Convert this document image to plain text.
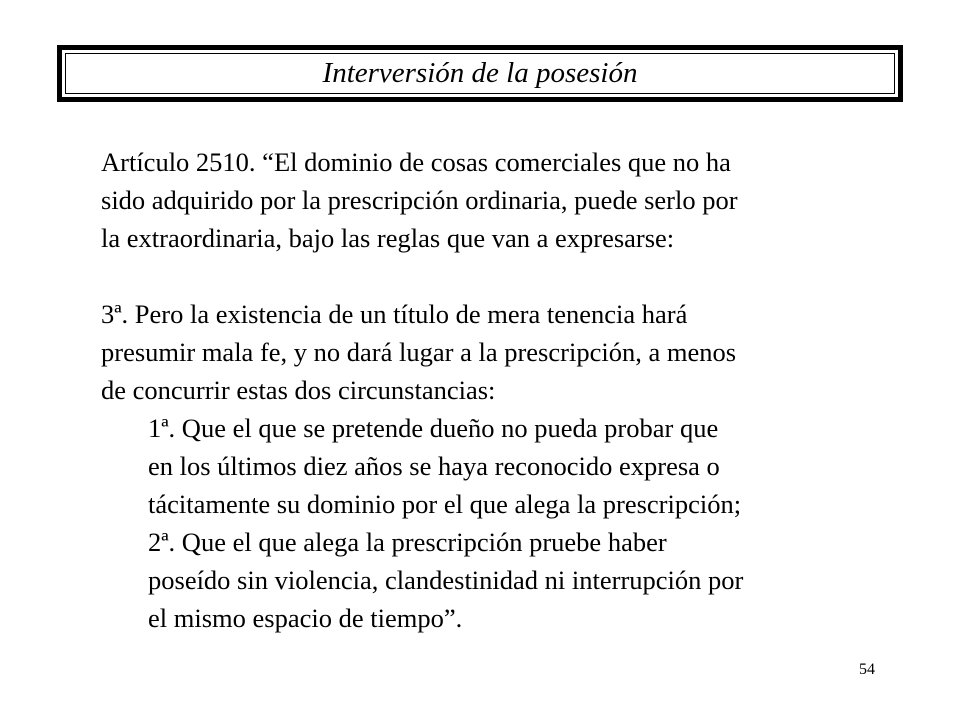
Interversión de la posesión

Artículo 2510. “El dominio de cosas comerciales que no ha

sido adquirido por la prescripción ordinaria, puede serlo por

la extraordinaria, bajo las reglas que van a expresarse:

3ª. Pero la existencia de un título de mera tenencia hará

presumir mala fe, y no dará lugar a la prescripción, a menos

de concurrir estas dos circunstancias:

1ª. Que el que se pretende dueño no pueda probar que

en los últimos diez años se haya reconocido expresa o

tácitamente su dominio por el que alega la prescripción;

2ª. Que el que alega la prescripción pruebe haber

poseído sin violencia, clandestinidad ni interrupción por

el mismo espacio de tiempo”.

54
